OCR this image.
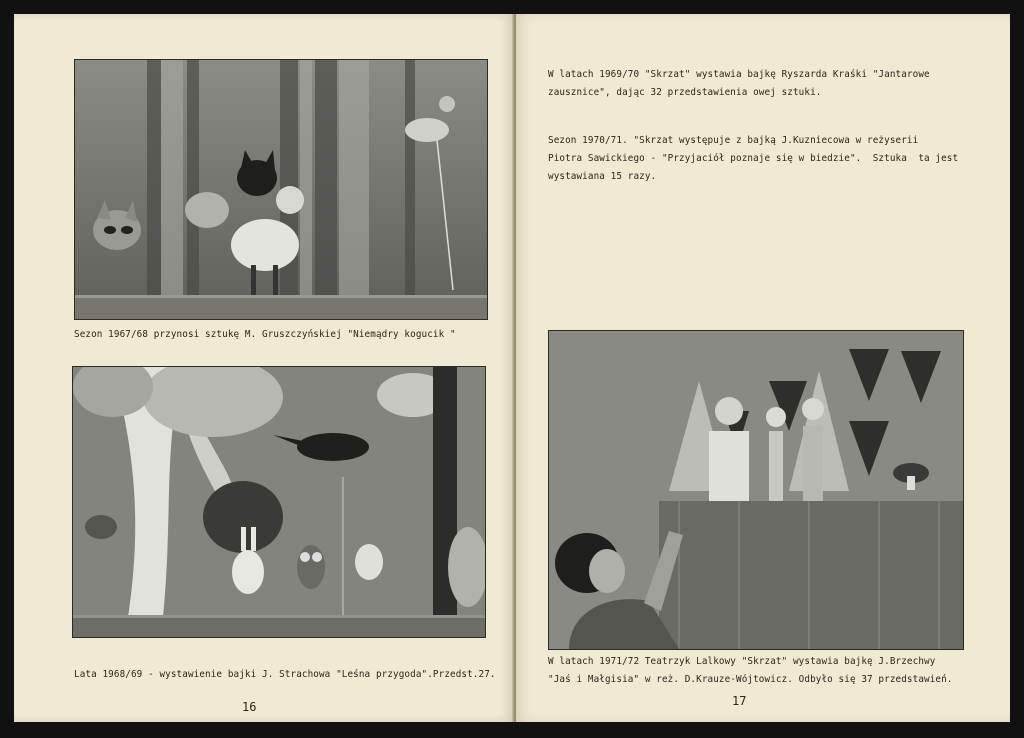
Sezon 1967/68 przynosi sztukę M. Gruszczyńskiej "Niemądry kogucik "
Lata 1968/69 - wystawienie bajki J. Strachowa "Leśna przygoda".Przedst.27.
16
W latach 1969/70 "Skrzat" wystawia bajkę Ryszarda Kraśki "Jantarowe
zausznice", dając 32 przedstawienia owej sztuki.
Sezon 1970/71. "Skrzat występuje z bajką J.Kuzniecowa w reżyserii
Piotra Sawickiego - "Przyjaciół poznaje się w biedzie".  Sztuka  ta jest
wystawiana 15 razy.
W latach 1971/72 Teatrzyk Lalkowy "Skrzat" wystawia bajkę J.Brzechwy
"Jaś i Małgisia" w reż. D.Krauze-Wójtowicz. Odbyło się 37 przedstawień.
17
